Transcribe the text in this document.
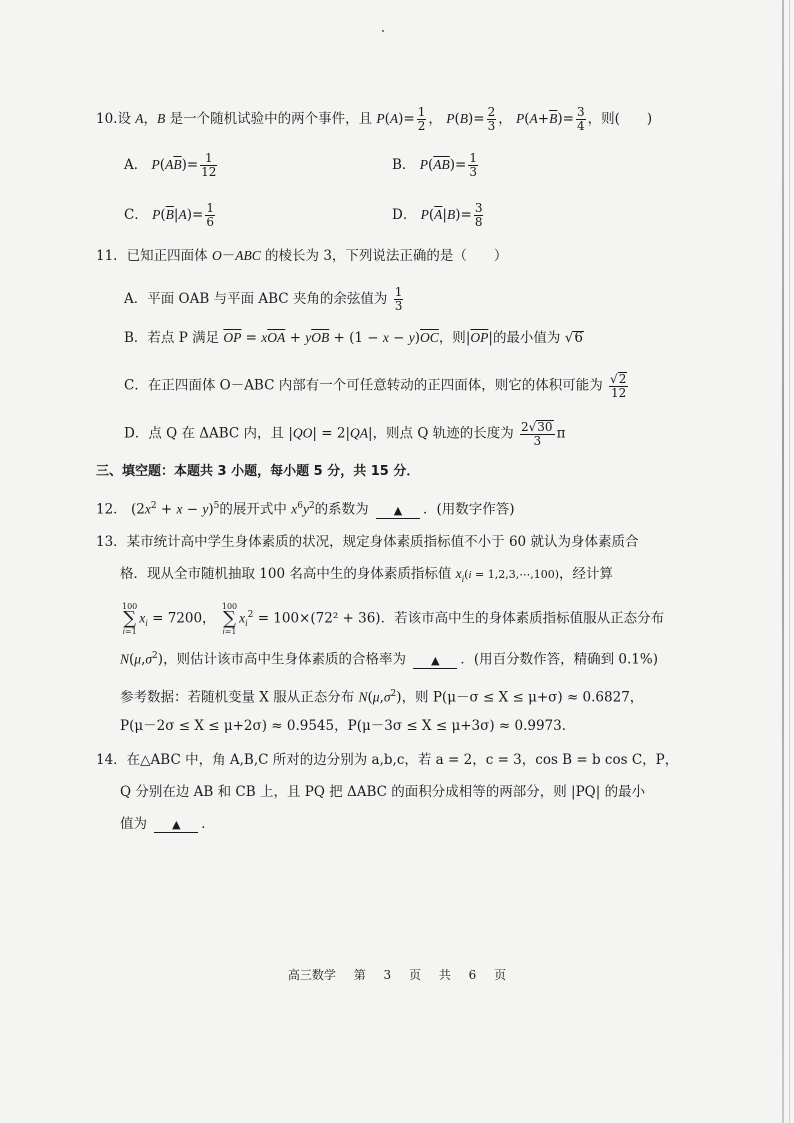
10.设 A，B 是一个随机试验中的两个事件，且 $P(A)= \frac{1}{2}$ ， $P(B)= \frac{2}{3}$ ， $P(A+\overline{B})= \frac{3}{4}$ ，则(　　)
A． $P(A\overline{B})= \frac{1}{12}$	B． $P(\overline{A}\overline{B})= \frac{1}{3}$
C． $P(\overline{B}|A)= \frac{1}{6}$	D． $P(\overline{A}|B)= \frac{3}{8}$
11．已知正四面体 O－ABC 的棱长为 3，下列说法正确的是（　　）
A．平面 OAB 与平面 ABC 夹角的余弦值为 $\frac{1}{3}$
B．若点 P 满足 $\overline{OP} = x\overline{OA} + y\overline{OB} + (1 - x - y)\overline{OC}$，则$|\overline{OP}|$的最小值为 √6
C．在正四面体 O－ABC 内部有一个可任意转动的正四面体，则它的体积可能为 $\frac{√2}{12}$
D．点 Q 在 ΔABC 内，且 |QO| = 2|QA|，则点 Q 轨迹的长度为 $\frac{2√30}{3}$ π
三、填空题：本题共 3 小题，每小题 5 分，共 15 分．
12． $(2x^2 + x - y)^5$的展开式中 $x^6y^2$的系数为 ▲ ．(用数字作答)
13．某市统计高中学生身体素质的状况，规定身体素质指标值不小于 60 就认为身体素质合
格．现从全市随机抽取 100 名高中生的身体素质指标值 $x_i(i$ = 1,2,3,⋯,100)，经计算
100
∑
$i=1x_i = 7200$， 100
∑
$i=1x_i^2 = 100\times(72^2 + 36)$．若该市高中生的身体素质指标值服从正态分布
$N(\mu,\sigma^2)$，则估计该市高中生身体素质的合格率为 ▲ ．(用百分数作答，精确到 0.1%)
参考数据：若随机变量 X 服从正态分布 $N(\mu,\sigma^2)$，则 P(μ－σ ≤ X ≤ μ+σ) ≈ 0.6827，
P(μ－2σ ≤ X ≤ μ+2σ) ≈ 0.9545，P(μ－3σ ≤ X ≤ μ+3σ) ≈ 0.9973．
14．在△ABC 中，角 A,B,C 所对的边分别为 a,b,c，若 a = 2，c = 3，cos B = b cos C，P，
Q 分别在边 AB 和 CB 上，且 PQ 把 ΔABC 的面积分成相等的两部分，则 |PQ| 的最小
值为 ▲ ．
高三数学 第 3 页 共 6 页
